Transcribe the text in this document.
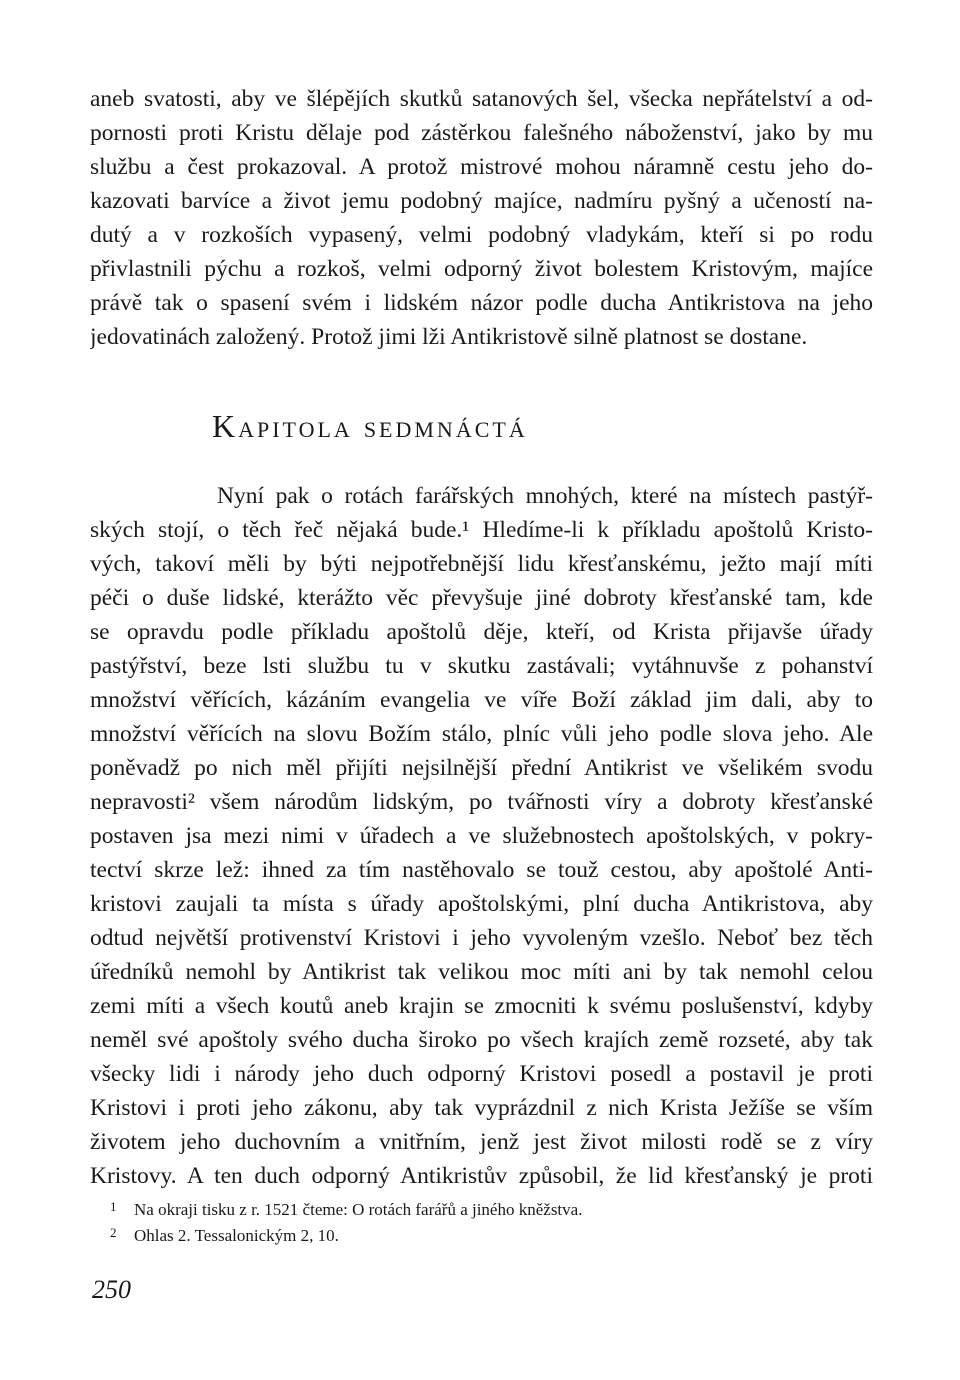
aneb svatosti, aby ve šlépějích skutků satanových šel, všecka nepřátelství a od-
pornosti proti Kristu dělaje pod zástěrkou falešného náboženství, jako by mu
službu a čest prokazoval. A protož mistrové mohou náramně cestu jeho do-
kazovati barvíce a život jemu podobný majíce, nadmíru pyšný a učeností na-
dutý a v rozkoších vypasený, velmi podobný vladykám, kteří si po rodu
přivlastnili pýchu a rozkoš, velmi odporný život bolestem Kristovým, majíce
právě tak o spasení svém i lidském názor podle ducha Antikristova na jeho
jedovatinách založený. Protož jimi lži Antikristově silně platnost se dostane.
Kapitola sedmnáctá
Nyní pak o rotách farářských mnohých, které na místech pastýř-
ských stojí, o těch řeč nějaká bude.¹ Hledíme-li k příkladu apoštolů Kristo-
vých, takoví měli by býti nejpotřebnější lidu křesťanskému, ježto mají míti
péči o duše lidské, kterážto věc převyšuje jiné dobroty křesťanské tam, kde
se opravdu podle příkladu apoštolů děje, kteří, od Krista přijavše úřady
pastýřství, beze lsti službu tu v skutku zastávali; vytáhnuvše z pohanství
množství věřících, kázáním evangelia ve víře Boží základ jim dali, aby to
množství věřících na slovu Božím stálo, plníc vůli jeho podle slova jeho. Ale
poněvadž po nich měl přijíti nejsilnější přední Antikrist ve všelikém svodu
nepravosti² všem národům lidským, po tvářnosti víry a dobroty křesťanské
postaven jsa mezi nimi v úřadech a ve služebnostech apoštolských, v pokry-
tectví skrze lež: ihned za tím nastěhovalo se touž cestou, aby apoštolé Anti-
kristovi zaujali ta místa s úřady apoštolskými, plní ducha Antikristova, aby
odtud největší protivenství Kristovi i jeho vyvoleným vzešlo. Neboť bez těch
úředníků nemohl by Antikrist tak velikou moc míti ani by tak nemohl celou
zemi míti a všech koutů aneb krajin se zmocniti k svému poslušenství, kdyby
neměl své apoštoly svého ducha široko po všech krajích země rozseté, aby tak
všecky lidi i národy jeho duch odporný Kristovi posedl a postavil je proti
Kristovi i proti jeho zákonu, aby tak vyprázdnil z nich Krista Ježíše se vším
životem jeho duchovním a vnitřním, jenž jest život milosti rodě se z víry
Kristovy. A ten duch odporný Antikristův způsobil, že lid křesťanský je proti
1 Na okraji tisku z r. 1521 čteme: O rotách farářů a jiného kněžstva.
2 Ohlas 2. Tessalonickým 2, 10.
250
